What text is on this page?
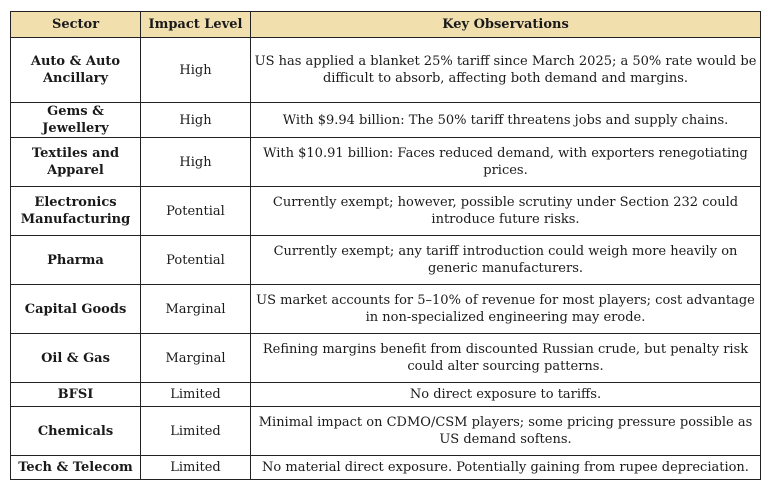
Sector	Impact Level	Key Observations
Auto & Auto Ancillary	High	US has applied a blanket 25% tariff since March 2025; a 50% rate would be difficult to absorb, affecting both demand and margins.
Gems & Jewellery	High	With $9.94 billion: The 50% tariff threatens jobs and supply chains.
Textiles and Apparel	High	With $10.91 billion: Faces reduced demand, with exporters renegotiating prices.
Electronics Manufacturing	Potential	Currently exempt; however, possible scrutiny under Section 232 could introduce future risks.
Pharma	Potential	Currently exempt; any tariff introduction could weigh more heavily on generic manufacturers.
Capital Goods	Marginal	US market accounts for 5–10% of revenue for most players; cost advantage in non-specialized engineering may erode.
Oil & Gas	Marginal	Refining margins benefit from discounted Russian crude, but penalty risk could alter sourcing patterns.
BFSI	Limited	No direct exposure to tariffs.
Chemicals	Limited	Minimal impact on CDMO/CSM players; some pricing pressure possible as US demand softens.
Tech & Telecom	Limited	No material direct exposure. Potentially gaining from rupee depreciation.
